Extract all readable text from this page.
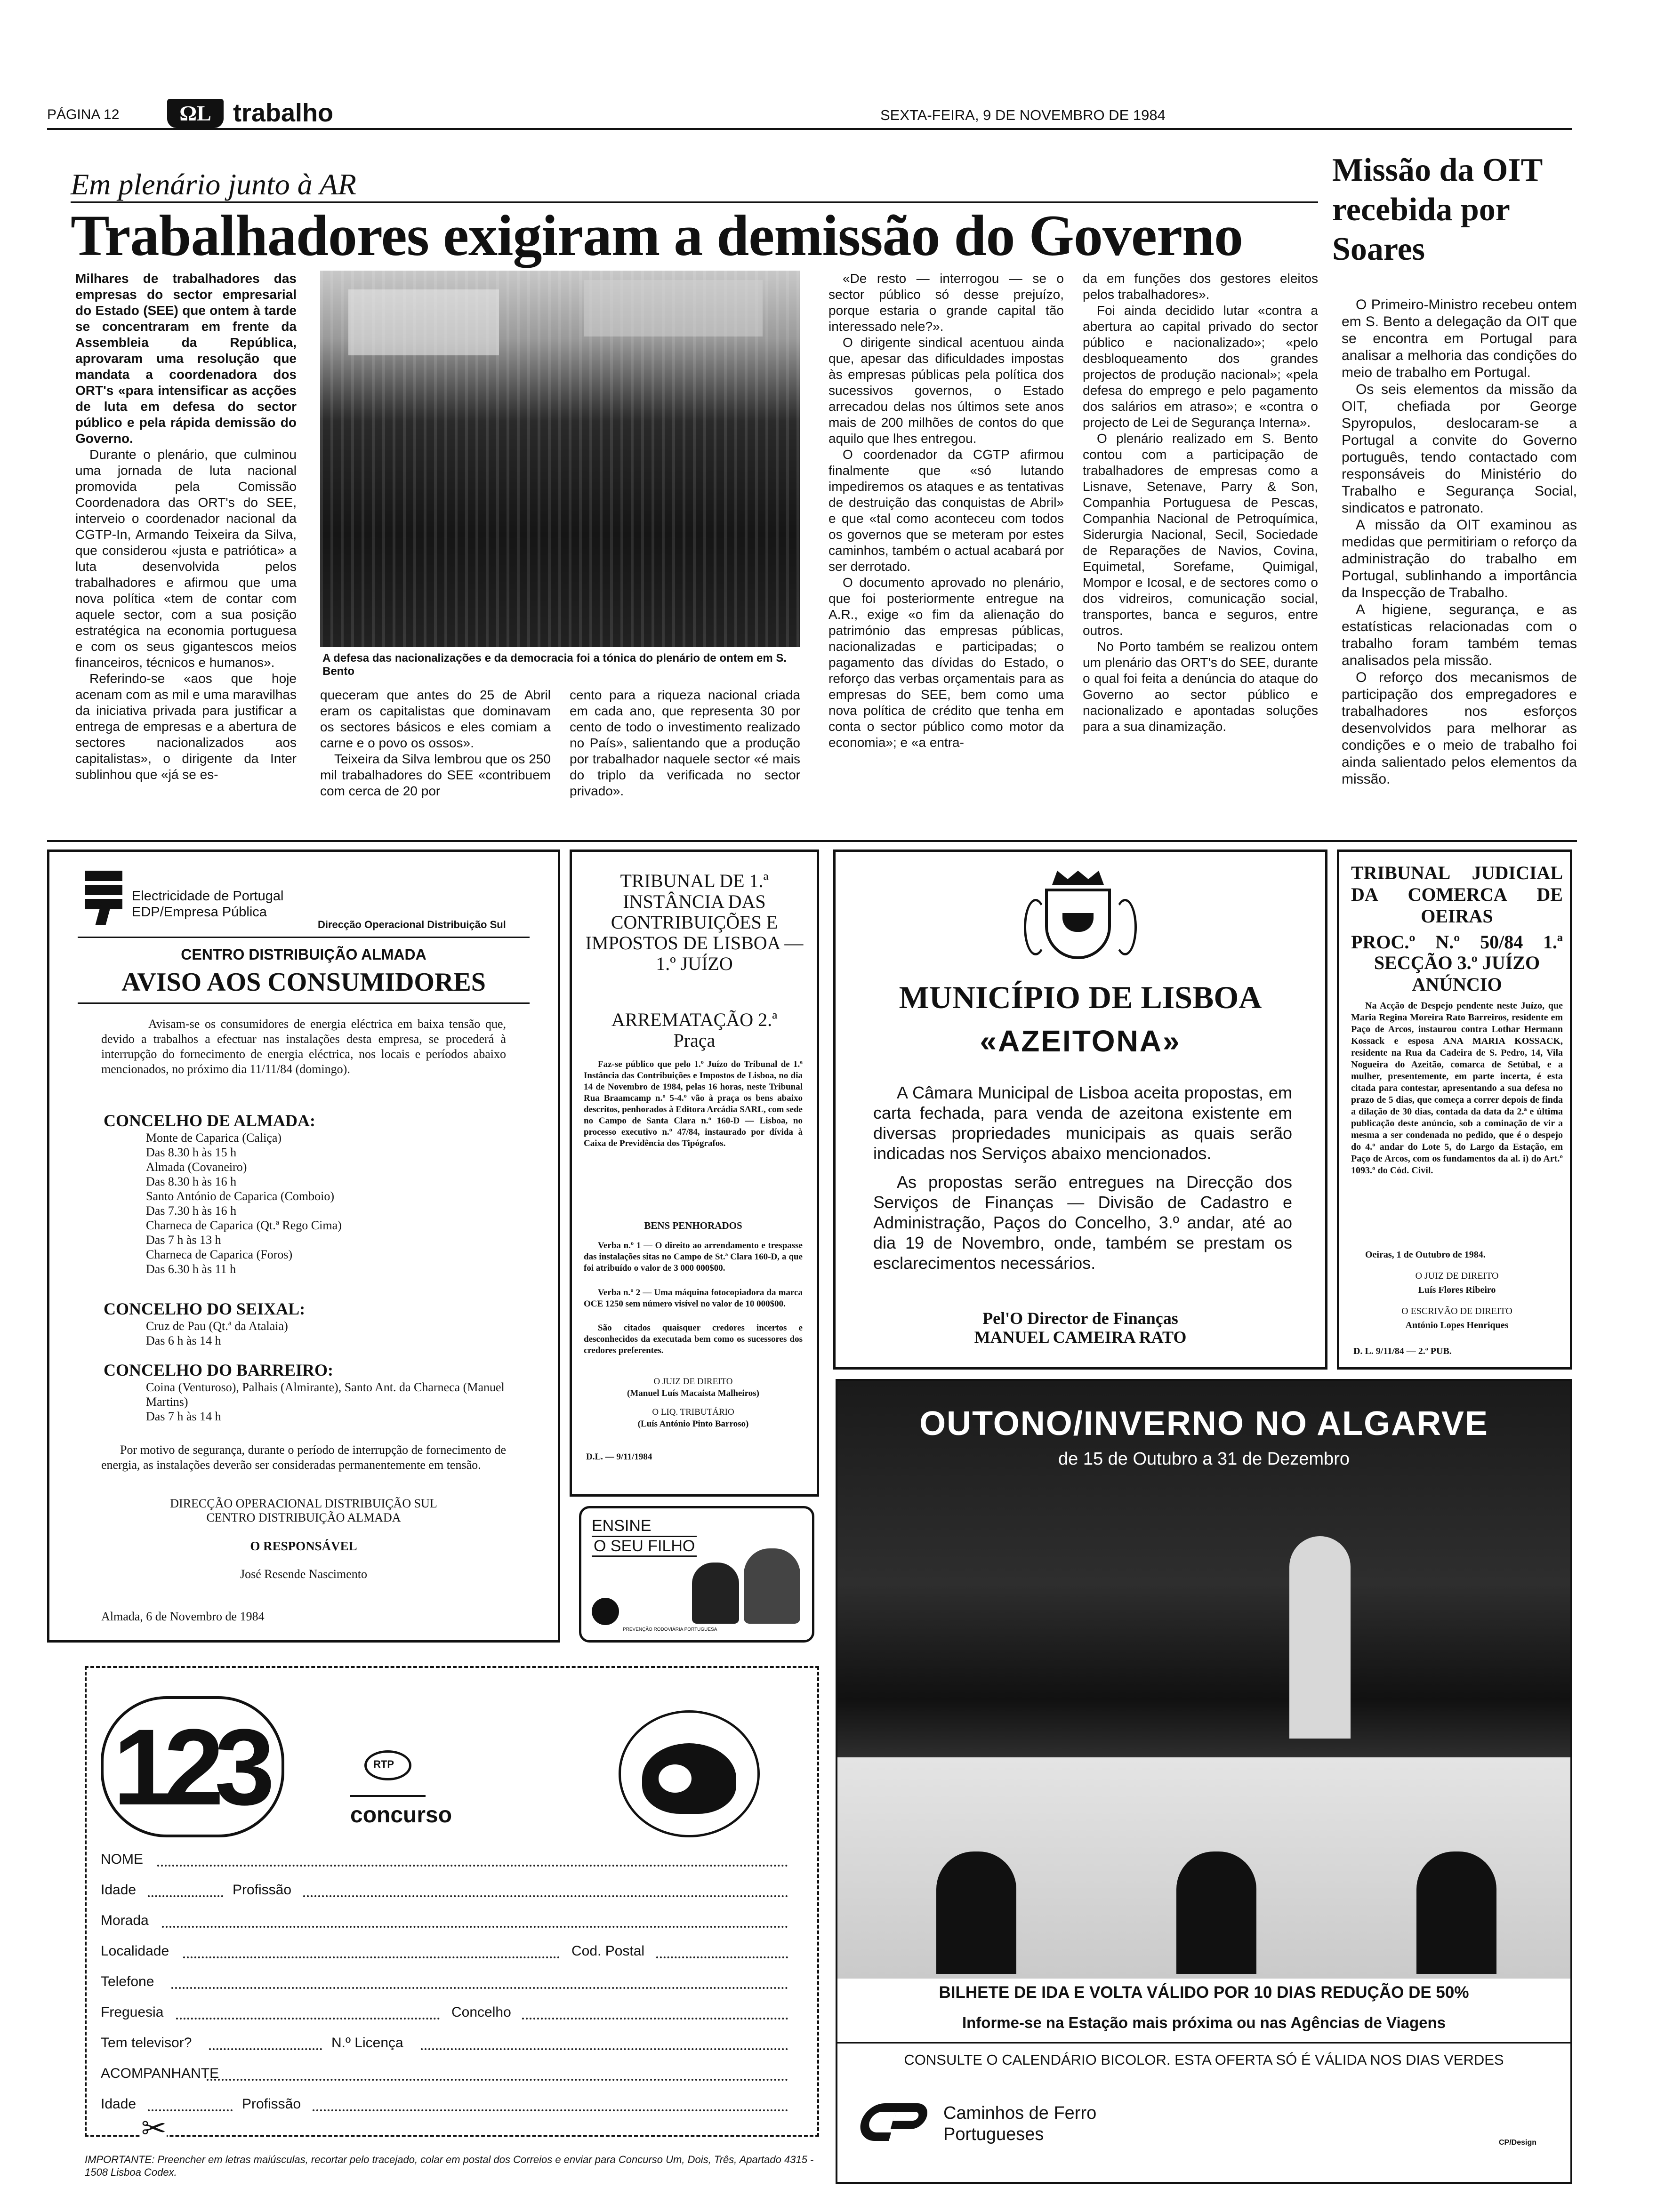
PÁGINA 12	ΩL trabalho	SEXTA-FEIRA, 9 DE NOVEMBRO DE 1984
Em plenário junto à AR
Trabalhadores exigiram a demissão do Governo

Milhares de trabalhadores das empresas do sector empresarial do Estado (SEE) que ontem à tarde se concentraram em frente da Assembleia da República, aprovaram uma resolução que mandata a coordenadora dos ORT's «para intensificar as acções de luta em defesa do sector público e pela rápida demissão do Governo.

Durante o plenário, que culminou uma jornada de luta nacional promovida pela Comissão Coordenadora das ORT's do SEE, interveio o coordenador nacional da CGTP-In, Armando Teixeira da Silva, que considerou «justa e patriótica» a luta desenvolvida pelos trabalhadores e afirmou que uma nova política «tem de contar com aquele sector, com a sua posição estratégica na economia portuguesa e com os seus gigantescos meios financeiros, técnicos e humanos».

Referindo-se «aos que hoje acenam com as mil e uma maravilhas da iniciativa privada para justificar a entrega de empresas e a abertura de sectores nacionalizados aos capitalistas», o dirigente da Inter sublinhou que «já se es-

A defesa das nacionalizações e da democracia foi a tónica do plenário de ontem em S. Bento

queceram que antes do 25 de Abril eram os capitalistas que dominavam os sectores básicos e eles comiam a carne e o povo os ossos».

Teixeira da Silva lembrou que os 250 mil trabalhadores do SEE «contribuem com cerca de 20 por

cento para a riqueza nacional criada em cada ano, que representa 30 por cento de todo o investimento realizado no País», salientando que a produção por trabalhador naquele sector «é mais do triplo da verificada no sector privado».

«De resto — interrogou — se o sector público só desse prejuízo, porque estaria o grande capital tão interessado nele?».

O dirigente sindical acentuou ainda que, apesar das dificuldades impostas às empresas públicas pela política dos sucessivos governos, o Estado arrecadou delas nos últimos sete anos mais de 200 milhões de contos do que aquilo que lhes entregou.

O coordenador da CGTP afirmou finalmente que «só lutando impediremos os ataques e as tentativas de destruição das conquistas de Abril» e que «tal como aconteceu com todos os governos que se meteram por estes caminhos, também o actual acabará por ser derrotado.

O documento aprovado no plenário, que foi posteriormente entregue na A.R., exige «o fim da alienação do património das empresas públicas, nacionalizadas e participadas; o pagamento das dívidas do Estado, o reforço das verbas orçamentais para as empresas do SEE, bem como uma nova política de crédito que tenha em conta o sector público como motor da economia»; e «a entra-

da em funções dos gestores eleitos pelos trabalhadores».

Foi ainda decidido lutar «contra a abertura ao capital privado do sector público e nacionalizado»; «pelo desbloqueamento dos grandes projectos de produção nacional»; «pela defesa do emprego e pelo pagamento dos salários em atraso»; e «contra o projecto de Lei de Segurança Interna».

O plenário realizado em S. Bento contou com a participação de trabalhadores de empresas como a Lisnave, Setenave, Parry & Son, Companhia Portuguesa de Pescas, Companhia Nacional de Petroquímica, Siderurgia Nacional, Secil, Sociedade de Reparações de Navios, Covina, Equimetal, Sorefame, Quimigal, Mompor e Icosal, e de sectores como o dos vidreiros, comunicação social, transportes, banca e seguros, entre outros.

No Porto também se realizou ontem um plenário das ORT's do SEE, durante o qual foi feita a denúncia do ataque do Governo ao sector público e nacionalizado e apontadas soluções para a sua dinamização.

Missão da OIT recebida por Soares

O Primeiro-Ministro recebeu ontem em S. Bento a delegação da OIT que se encontra em Portugal para analisar a melhoria das condições do meio de trabalho em Portugal.

Os seis elementos da missão da OIT, chefiada por George Spyropulos, deslocaram-se a Portugal a convite do Governo português, tendo contactado com responsáveis do Ministério do Trabalho e Segurança Social, sindicatos e patronato.

A missão da OIT examinou as medidas que permitiriam o reforço da administração do trabalho em Portugal, sublinhando a importância da Inspecção de Trabalho.

A higiene, segurança, e as estatísticas relacionadas com o trabalho foram também temas analisados pela missão.

O reforço dos mecanismos de participação dos empregadores e trabalhadores nos esforços desenvolvidos para melhorar as condições e o meio de trabalho foi ainda salientado pelos elementos da missão.

Electricidade de Portugal
EDP/Empresa Pública
Direcção Operacional Distribuição Sul
CENTRO DISTRIBUIÇÃO ALMADA
AVISO AOS CONSUMIDORES
Avisam-se os consumidores de energia eléctrica em baixa tensão que, devido a trabalhos a efectuar nas instalações desta empresa, se procederá à interrupção do fornecimento de energia eléctrica, nos locais e períodos abaixo mencionados, no próximo dia 11/11/84 (domingo).
CONCELHO DE ALMADA:

Monte de Caparica (Caliça)

Das 8.30 h às 15 h

Almada (Covaneiro)

Das 8.30 h às 16 h

Santo António de Caparica (Comboio)

Das 7.30 h às 16 h

Charneca de Caparica (Qt.ª Rego Cima)

Das 7 h às 13 h

Charneca de Caparica (Foros)

Das 6.30 h às 11 h

CONCELHO DO SEIXAL:

Cruz de Pau (Qt.ª da Atalaia)

Das 6 h às 14 h

CONCELHO DO BARREIRO:

Coina (Venturoso), Palhais (Almirante), Santo Ant. da Charneca (Manuel Martins)

Das 7 h às 14 h

Por motivo de segurança, durante o período de interrupção de fornecimento de energia, as instalações deverão ser consideradas permanentemente em tensão.
DIRECÇÃO OPERACIONAL DISTRIBUIÇÃO SUL
CENTRO DISTRIBUIÇÃO ALMADA
O RESPONSÁVEL
José Resende Nascimento
Almada, 6 de Novembro de 1984
TRIBUNAL DE 1.ª INSTÂNCIA DAS CONTRIBUIÇÕES E IMPOSTOS DE LISBOA — 1.º JUÍZO
ARREMATAÇÃO 2.ª Praça
Faz-se público que pelo 1.º Juízo do Tribunal de 1.ª Instância das Contribuições e Impostos de Lisboa, no dia 14 de Novembro de 1984, pelas 16 horas, neste Tribunal Rua Braamcamp n.º 5-4.º vão à praça os bens abaixo descritos, penhorados à Editora Arcádia SARL, com sede no Campo de Santa Clara n.º 160-D — Lisboa, no processo executivo n.º 47/84, instaurado por dívida à Caixa de Previdência dos Tipógrafos.
BENS PENHORADOS
Verba n.º 1 — O direito ao arrendamento e trespasse das instalações sitas no Campo de St.ª Clara 160-D, a que foi atribuído o valor de 3 000 000$00.
Verba n.º 2 — Uma máquina fotocopiadora da marca OCE 1250 sem número visível no valor de 10 000$00.
São citados quaisquer credores incertos e desconhecidos da executada bem como os sucessores dos credores preferentes.
O JUIZ DE DIREITO
(Manuel Luís Macaista Malheiros)
O LIQ. TRIBUTÁRIO
(Luís António Pinto Barroso)
D.L. — 9/11/1984
ENSINE
O SEU FILHO
PREVENÇÃO RODOVIÁRIA PORTUGUESA
MUNICÍPIO DE LISBOA
«AZEITONA»
A Câmara Municipal de Lisboa aceita propostas, em carta fechada, para venda de azeitona existente em diversas propriedades municipais as quais serão indicadas nos Serviços abaixo mencionados.
As propostas serão entregues na Direcção dos Serviços de Finanças — Divisão de Cadastro e Administração, Paços do Concelho, 3.º andar, até ao dia 19 de Novembro, onde, também se prestam os esclarecimentos necessários.
Pel'O Director de Finanças
MANUEL CAMEIRA RATO
TRIBUNAL JUDICIAL DA COMERCA DE OEIRAS
PROC.º N.º 50/84 1.ª SECÇÃO 3.º JUÍZO
ANÚNCIO
Na Acção de Despejo pendente neste Juízo, que Maria Regina Moreira Rato Barreiros, residente em Paço de Arcos, instaurou contra Lothar Hermann Kossack e esposa ANA MARIA KOSSACK, residente na Rua da Cadeira de S. Pedro, 14, Vila Nogueira do Azeitão, comarca de Setúbal, e a mulher, presentemente, em parte incerta, é esta citada para contestar, apresentando a sua defesa no prazo de 5 dias, que começa a correr depois de finda a dilação de 30 dias, contada da data da 2.ª e última publicação deste anúncio, sob a cominação de vir a mesma a ser condenada no pedido, que é o despejo do 4.º andar do Lote 5, do Largo da Estação, em Paço de Arcos, com os fundamentos da al. i) do Art.º 1093.º do Cód. Civil.
Oeiras, 1 de Outubro de 1984.
O JUIZ DE DIREITO
Luís Flores Ribeiro
O ESCRIVÃO DE DIREITO
António Lopes Henriques
D. L. 9/11/84 — 2.ª PUB.
OUTONO/INVERNO NO ALGARVE
de 15 de Outubro a 31 de Dezembro
BILHETE DE IDA E VOLTA VÁLIDO POR 10 DIAS REDUÇÃO DE 50%
Informe-se na Estação mais próxima ou nas Agências de Viagens
CONSULTE O CALENDÁRIO BICOLOR. ESTA OFERTA SÓ É VÁLIDA NOS DIAS VERDES
Caminhos de Ferro
Portugueses	CP/Design
123	RTP
concurso
NOME
Idade	Profissão
Morada
Localidade	Cod. Postal
Telefone
Freguesia	Concelho
Tem televisor?	N.º Licença
ACOMPANHANTE
Idade	Profissão
✂
IMPORTANTE: Preencher em letras maiúsculas, recortar pelo tracejado, colar em postal dos Correios e enviar para Concurso Um, Dois, Três, Apartado 4315 - 1508 Lisboa Codex.
